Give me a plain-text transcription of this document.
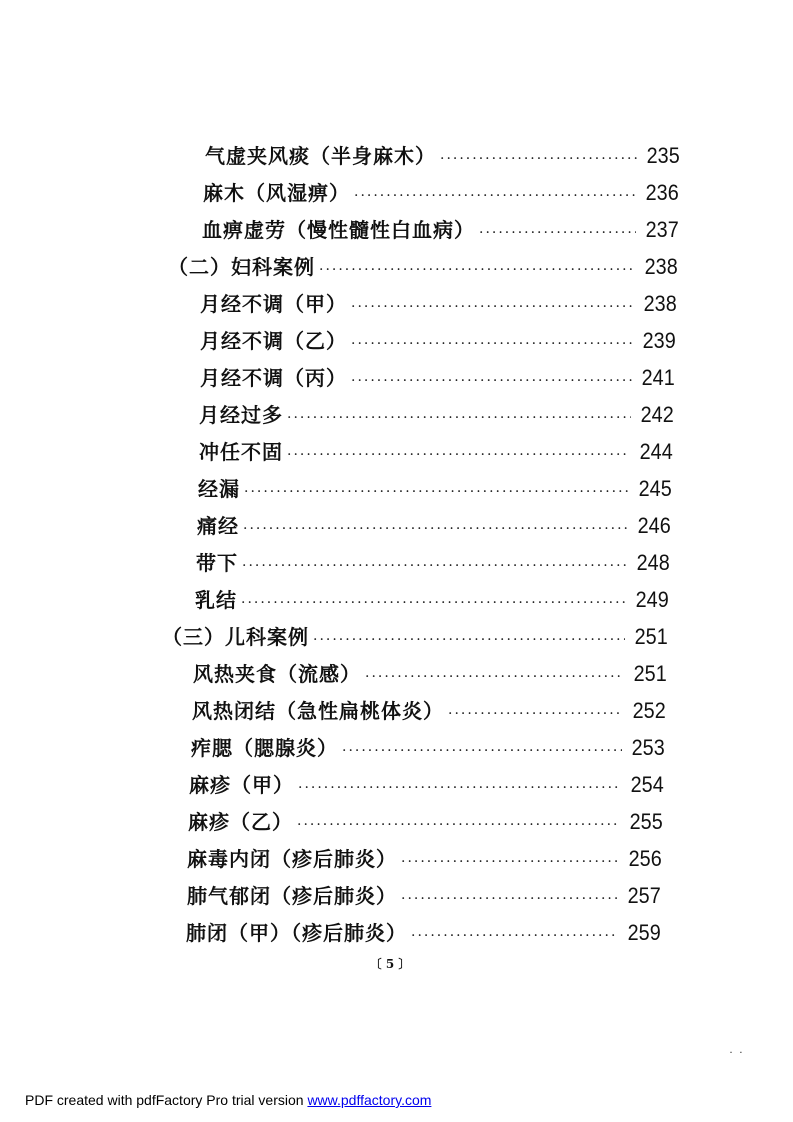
气虚夹风痰（半身麻木） ·····	235
麻木（风湿痹） ·····	236
血痹虚劳（慢性髓性白血病） ·····	237
（二）妇科案例 ·····	238
月经不调（甲） ·····	238
月经不调（乙） ·····	239
月经不调（丙） ·····	241
月经过多 ·····	242
冲任不固 ·····	244
经漏 ·····	245
痛经 ·····	246
带下 ·····	248
乳结 ·····	249
（三）儿科案例 ·····	251
风热夹食（流感） ·····	251
风热闭结（急性扁桃体炎） ·····	252
痄腮（腮腺炎） ·····	253
麻疹（甲） ·····	254
麻疹（乙） ·····	255
麻毒内闭（疹后肺炎） ·····	256
肺气郁闭（疹后肺炎） ·····	257
肺闭（甲）（疹后肺炎） ·····	259
〔 5 〕
˙ ˙
PDF created with pdfFactory Pro trial version www.pdffactory.com
